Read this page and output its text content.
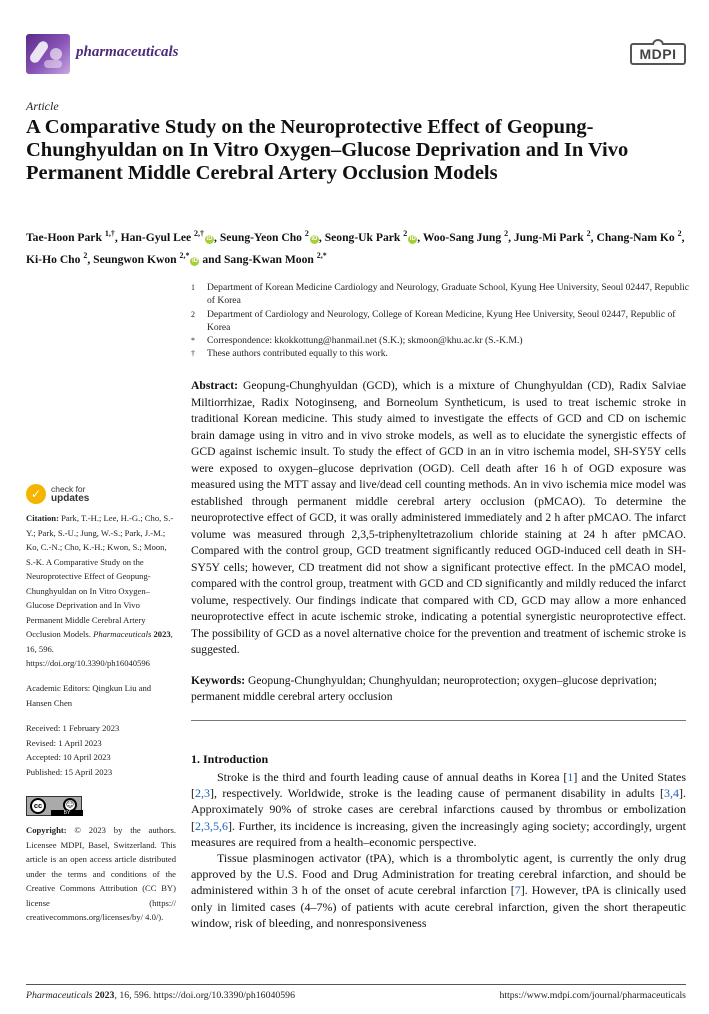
pharmaceuticals	MDPI
Article
A Comparative Study on the Neuroprotective Effect of Geopung-Chunghyuldan on In Vitro Oxygen–Glucose Deprivation and In Vivo Permanent Middle Cerebral Artery Occlusion Models
Tae-Hoon Park $^{1,\dagger}$, Han-Gyul Lee $^{2,\dagger}$iD , Seung-Yeon Cho $^2$iD , Seong-Uk Park $^2$iD , Woo-Sang Jung $^2$, Jung-Mi Park $^2$, Chang-Nam Ko $^2$, Ki-Ho Cho $^2$, Seungwon Kwon $^{2,*}$iD and Sang-Kwan Moon $^{2,*}$
1 Department of Korean Medicine Cardiology and Neurology, Graduate School, Kyung Hee University, Seoul 02447, Republic of Korea
2 Department of Cardiology and Neurology, College of Korean Medicine, Kyung Hee University, Seoul 02447, Republic of Korea
* Correspondence: kkokkottung@hanmail.net (S.K.); skmoon@khu.ac.kr (S.-K.M.)
† These authors contributed equally to this work.
Abstract: Geopung-Chunghyuldan (GCD), which is a mixture of Chunghyuldan (CD), Radix Salviae Miltiorrhizae, Radix Notoginseng, and Borneolum Syntheticum, is used to treat ischemic stroke in traditional Korean medicine. This study aimed to investigate the effects of GCD and CD on ischemic brain damage using in vitro and in vivo stroke models, as well as to elucidate the synergistic effects of GCD against ischemic insult. To study the effect of GCD in an in vitro ischemia model, SH-SY5Y cells were exposed to oxygen–glucose deprivation (OGD). Cell death after 16 h of OGD exposure was measured using the MTT assay and live/dead cell counting methods. An in vivo ischemia mice model was established through permanent middle cerebral artery occlusion (pMCAO). To determine the neuroprotective effect of GCD, it was orally administered immediately and 2 h after pMCAO. The infarct volume was measured through 2,3,5-triphenyltetrazolium chloride staining at 24 h after pMCAO. Compared with the control group, GCD treatment significantly reduced OGD-induced cell death in SH-SY5Y cells; however, CD treatment did not show a significant protective effect. In the pMCAO model, compared with the control group, treatment with GCD and CD significantly and mildly reduced the infarct volume, respectively. Our findings indicate that compared with CD, GCD may allow a more enhanced neuroprotective effect in acute ischemic stroke, indicating a potential synergistic neuroprotective effect. The possibility of GCD as a novel alternative choice for the prevention and treatment of ischemic stroke is suggested.
Keywords: Geopung-Chunghyuldan; Chunghyuldan; neuroprotection; oxygen–glucose deprivation; permanent middle cerebral artery occlusion
1. Introduction

Stroke is the third and fourth leading cause of annual deaths in Korea [1] and the United States [2,3], respectively. Worldwide, stroke is the leading cause of permanent disability in adults [3,4]. Approximately 90% of stroke cases are cerebral infarctions caused by thrombus or embolization [2,3,5,6]. Further, its incidence is increasing, given the increasingly aging society; accordingly, urgent measures are required from a health–economic perspective.

Tissue plasminogen activator (tPA), which is a thrombolytic agent, is currently the only drug approved by the U.S. Food and Drug Administration for treating cerebral infarction, and should be administered within 3 h of the onset of acute cerebral infarction [7]. However, tPA is clinically used only in limited cases (4–7%) of patients with acute cerebral infarction, given the short therapeutic window, risk of bleeding, and nonresponsiveness

✓	check for
updates
Citation: Park, T.-H.; Lee, H.-G.; Cho, S.-Y.; Park, S.-U.; Jung, W.-S.; Park, J.-M.; Ko, C.-N.; Cho, K.-H.; Kwon, S.; Moon, S.-K. A Comparative Study on the Neuroprotective Effect of Geopung-Chunghyuldan on In Vitro Oxygen–Glucose Deprivation and In Vivo Permanent Middle Cerebral Artery Occlusion Models. Pharmaceuticals 2023, 16, 596. https://doi.org/10.3390/ph16040596
Academic Editors: Qingkun Liu and Hansen Chen
Received: 1 February 2023
Revised: 1 April 2023
Accepted: 10 April 2023
Published: 15 April 2023
cc	☺
BY
Copyright: © 2023 by the authors. Licensee MDPI, Basel, Switzerland. This article is an open access article distributed under the terms and conditions of the Creative Commons Attribution (CC BY) license (https:// creativecommons.org/licenses/by/ 4.0/).
Pharmaceuticals 2023, 16, 596. https://doi.org/10.3390/ph16040596	https://www.mdpi.com/journal/pharmaceuticals
